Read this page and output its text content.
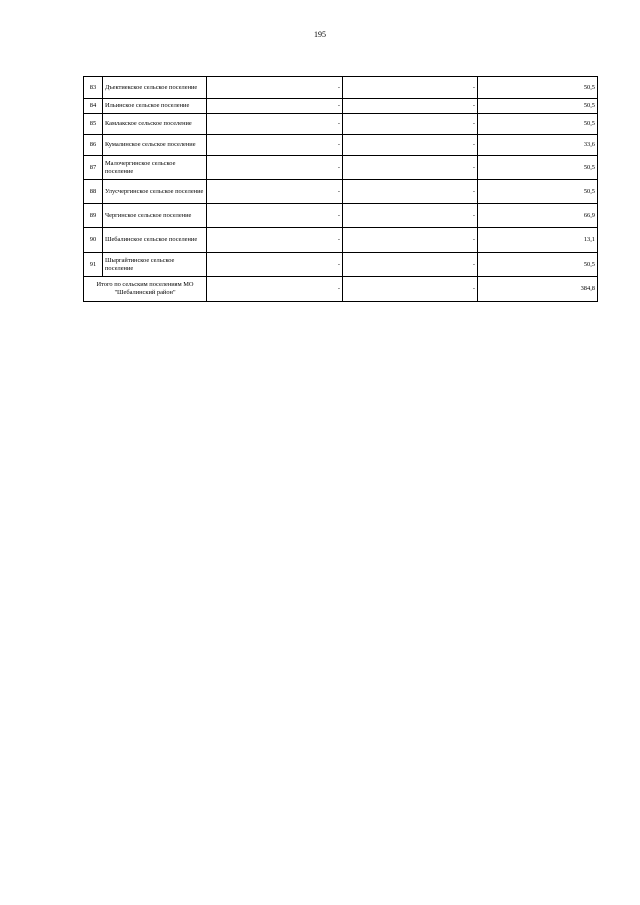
195
83	Дъектиекское сельское поселение	-	-	50,5
84	Ильинское сельское поселение	-	-	50,5
85	Камлакское сельское поселение	-	-	50,5
86	Кумалинское сельское поселение	-	-	33,6
87	Малочергинское сельское поселение	-	-	50,5
88	Улусчергинское сельское поселение	-	-	50,5
89	Чергинское сельское поселение	-	-	66,9
90	Шебалинское сельское поселение	-	-	13,1
91	Шыргайтинское сельское поселение	-	-	50,5
Итого по сельским поселениям МО "Шебалинский район"		-	-	384,8
